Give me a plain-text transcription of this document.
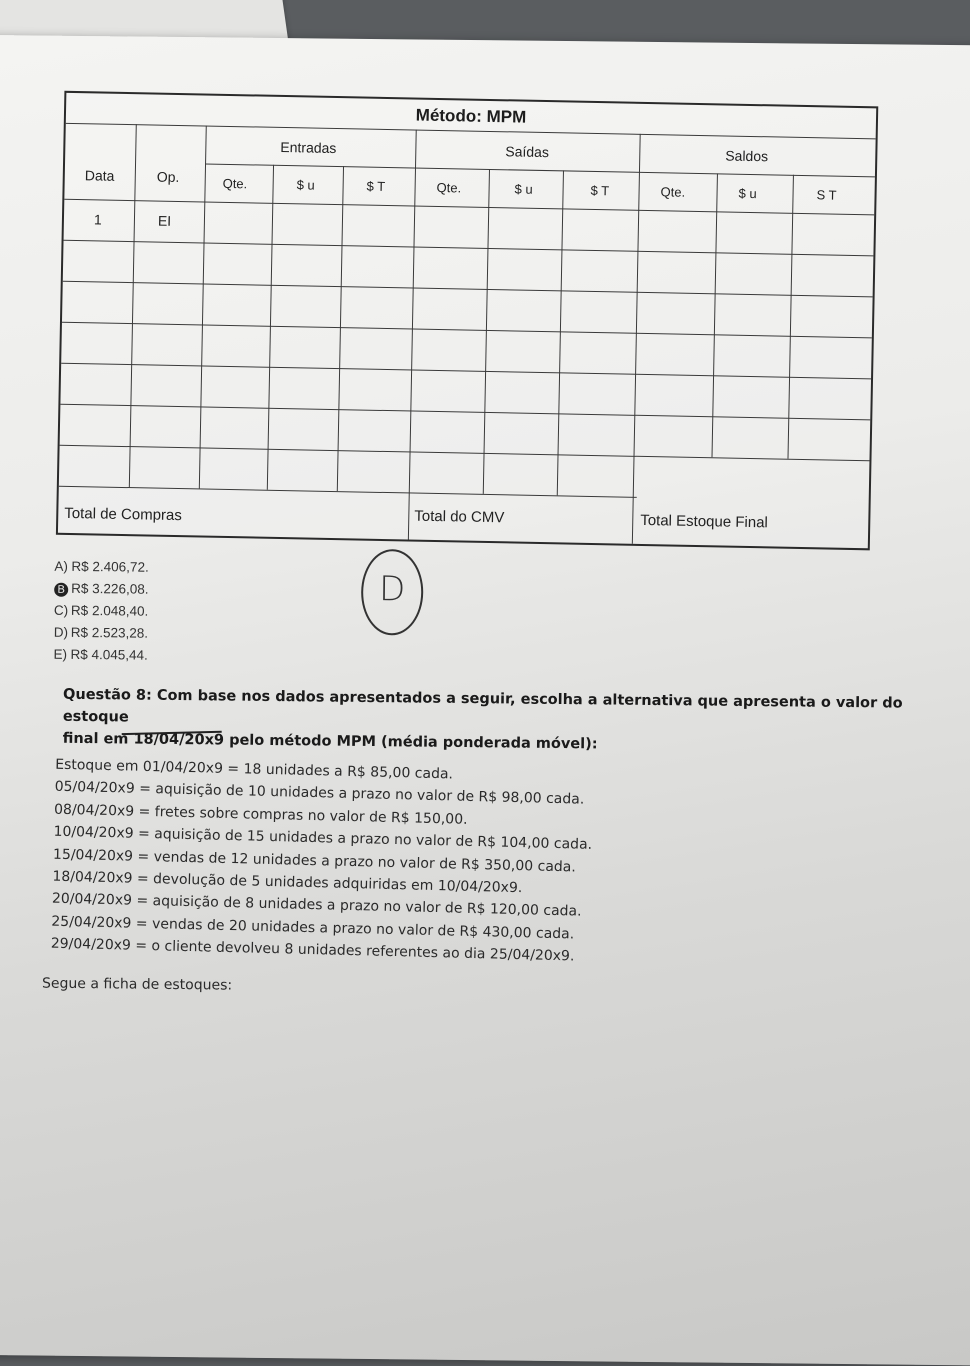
Método: MPM
Data	Op.
Entradas	Saídas	Saldos
Qte.	$ u	$ T	Qte.	$ u	$ T	Qte.	$ u	S T
1	EI
Total de Compras	Total do CMV	Total Estoque Final
A) R$ 2.406,72.
B R$ 3.226,08.
C) R$ 2.048,40.
D) R$ 2.523,28.
E) R$ 4.045,44.
D
Questão 8: Com base nos dados apresentados a seguir, escolha a alternativa que apresenta o valor do estoque
final em 18/04/20x9 pelo método MPM (média ponderada móvel):
Estoque em 01/04/20x9 = 18 unidades a R$ 85,00 cada.
05/04/20x9 = aquisição de 10 unidades a prazo no valor de R$ 98,00 cada.
08/04/20x9 = fretes sobre compras no valor de R$ 150,00.
10/04/20x9 = aquisição de 15 unidades a prazo no valor de R$ 104,00 cada.
15/04/20x9 = vendas de 12 unidades a prazo no valor de R$ 350,00 cada.
18/04/20x9 = devolução de 5 unidades adquiridas em 10/04/20x9.
20/04/20x9 = aquisição de 8 unidades a prazo no valor de R$ 120,00 cada.
25/04/20x9 = vendas de 20 unidades a prazo no valor de R$ 430,00 cada.
29/04/20x9 = o cliente devolveu 8 unidades referentes ao dia 25/04/20x9.
Segue a ficha de estoques:
